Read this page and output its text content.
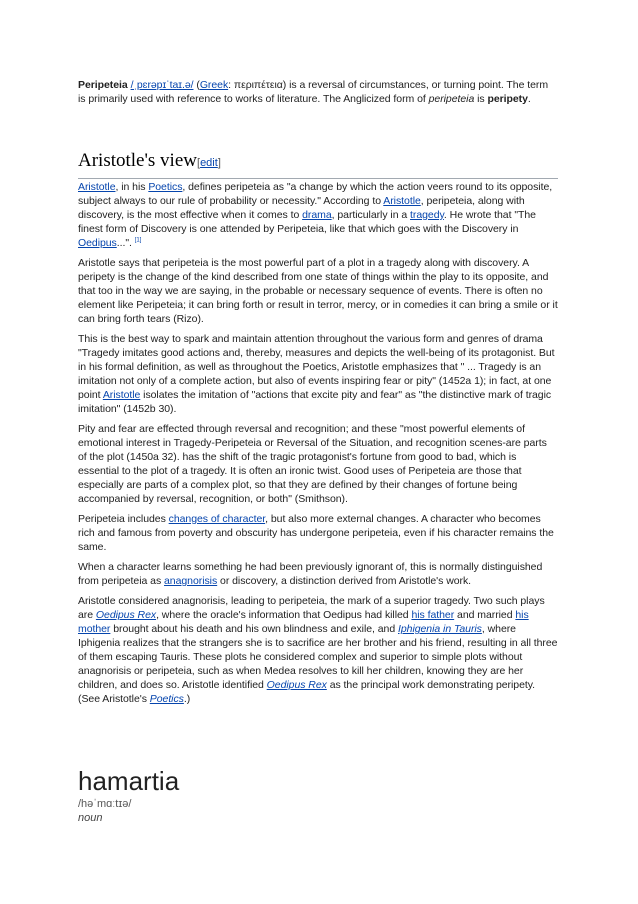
Peripeteia /ˌpɛrəpɪˈtaɪ.ə/ (Greek: περιπέτεια) is a reversal of circumstances, or turning point. The term is primarily used with reference to works of literature. The Anglicized form of peripeteia is peripety.

Aristotle's view[edit]

Aristotle, in his Poetics, defines peripeteia as "a change by which the action veers round to its opposite, subject always to our rule of probability or necessity." According to Aristotle, peripeteia, along with discovery, is the most effective when it comes to drama, particularly in a tragedy. He wrote that "The finest form of Discovery is one attended by Peripeteia, like that which goes with the Discovery in Oedipus...". [1]

Aristotle says that peripeteia is the most powerful part of a plot in a tragedy along with discovery. A peripety is the change of the kind described from one state of things within the play to its opposite, and that too in the way we are saying, in the probable or necessary sequence of events. There is often no element like Peripeteia; it can bring forth or result in terror, mercy, or in comedies it can bring a smile or it can bring forth tears (Rizo).

This is the best way to spark and maintain attention throughout the various form and genres of drama "Tragedy imitates good actions and, thereby, measures and depicts the well-being of its protagonist. But in his formal definition, as well as throughout the Poetics, Aristotle emphasizes that " ... Tragedy is an imitation not only of a complete action, but also of events inspiring fear or pity" (1452a 1); in fact, at one point Aristotle isolates the imitation of "actions that excite pity and fear" as "the distinctive mark of tragic imitation" (1452b 30).

Pity and fear are effected through reversal and recognition; and these "most powerful elements of emotional interest in Tragedy-Peripeteia or Reversal of the Situation, and recognition scenes-are parts of the plot (1450a 32). has the shift of the tragic protagonist's fortune from good to bad, which is essential to the plot of a tragedy. It is often an ironic twist. Good uses of Peripeteia are those that especially are parts of a complex plot, so that they are defined by their changes of fortune being accompanied by reversal, recognition, or both" (Smithson).

Peripeteia includes changes of character, but also more external changes. A character who becomes rich and famous from poverty and obscurity has undergone peripeteia, even if his character remains the same.

When a character learns something he had been previously ignorant of, this is normally distinguished from peripeteia as anagnorisis or discovery, a distinction derived from Aristotle's work.

Aristotle considered anagnorisis, leading to peripeteia, the mark of a superior tragedy. Two such plays are Oedipus Rex, where the oracle's information that Oedipus had killed his father and married his mother brought about his death and his own blindness and exile, and Iphigenia in Tauris, where Iphigenia realizes that the strangers she is to sacrifice are her brother and his friend, resulting in all three of them escaping Tauris. These plots he considered complex and superior to simple plots without anagnorisis or peripeteia, such as when Medea resolves to kill her children, knowing they are her children, and does so. Aristotle identified Oedipus Rex as the principal work demonstrating peripety. (See Aristotle's Poetics.)

hamartia
/həˈmɑːtɪə/
noun
